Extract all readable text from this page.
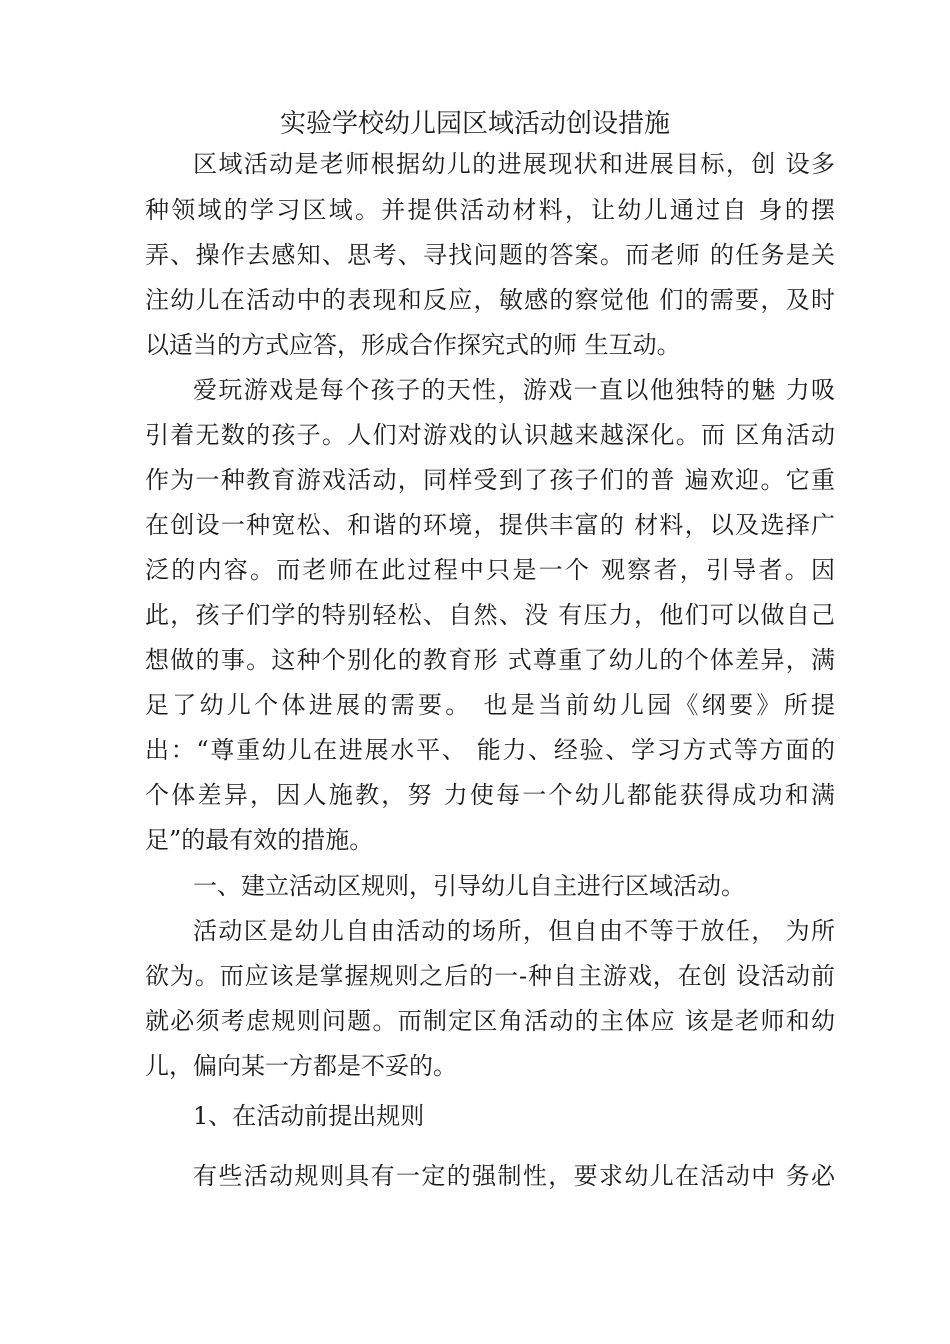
实验学校幼儿园区域活动创设措施
区域活动是老师根据幼儿的进展现状和进展目标，创 设多
种领域的学习区域。并提供活动材料，让幼儿通过自 身的摆
弄、操作去感知、思考、寻找问题的答案。而老师 的任务是关
注幼儿在活动中的表现和反应，敏感的察觉他 们的需要，及时
以适当的方式应答，形成合作探究式的师 生互动。
爱玩游戏是每个孩子的天性，游戏一直以他独特的魅 力吸
引着无数的孩子。人们对游戏的认识越来越深化。而 区角活动
作为一种教育游戏活动，同样受到了孩子们的普 遍欢迎。它重
在创设一种宽松、和谐的环境，提供丰富的 材料，以及选择广
泛的内容。而老师在此过程中只是一个 观察者，引导者。因
此，孩子们学的特别轻松、自然、没 有压力，他们可以做自己
想做的事。这种个别化的教育形 式尊重了幼儿的个体差异，满
足了幼儿个体进展的需要。 也是当前幼儿园《纲要》所提
出：“尊重幼儿在进展水平、 能力、经验、学习方式等方面的
个体差异，因人施教，努 力使每一个幼儿都能获得成功和满
足”的最有效的措施。
一、建立活动区规则，引导幼儿自主进行区域活动。
活动区是幼儿自由活动的场所，但自由不等于放任， 为所
欲为。而应该是掌握规则之后的一-种自主游戏，在创 设活动前
就必须考虑规则问题。而制定区角活动的主体应 该是老师和幼
儿，偏向某一方都是不妥的。
1、在活动前提出规则
有些活动规则具有一定的强制性，要求幼儿在活动中 务必
